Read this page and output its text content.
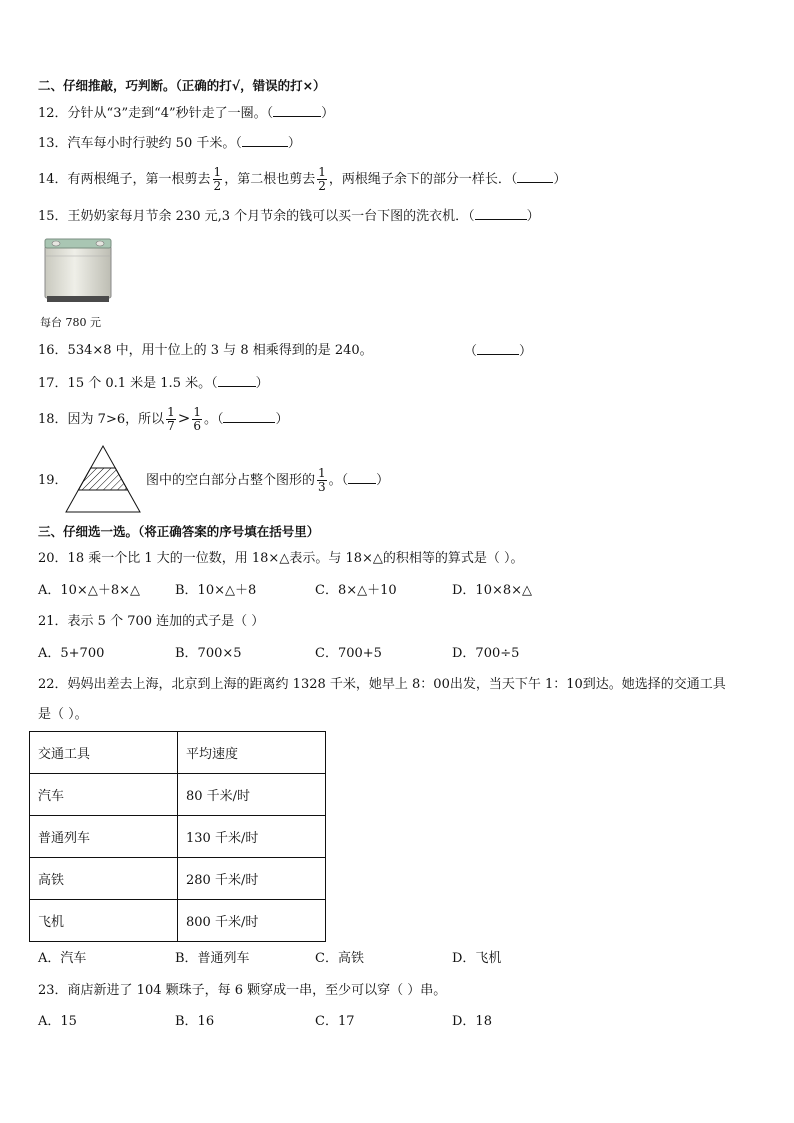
二、仔细推敲，巧判断。（正确的打√，错误的打×）
12．分针从“3”走到“4”秒针走了一圈。（	）
13．汽车每小时行驶约 50 千米。（	）
14．有两根绳子，第一根剪去 $\frac{1}{2}$ ，第二根也剪去 $\frac{1}{2}$ ，两根绳子余下的部分一样长．（	）
15．王奶奶家每月节余 230 元,3 个月节余的钱可以买一台下图的洗衣机．（	）
每台 780 元
16．534×8 中，用十位上的 3 与 8 相乘得到的是 240。	（	）
17．15 个 0.1 米是 1.5 米。（	）
18．因为 7>6，所以 $\frac{1}{7} > \frac{1}{6}$ 。（	）
19．	图中的空白部分占整个图形的 $\frac{1}{3}$ 。（ ）
三、仔细选一选。（将正确答案的序号填在括号里）
20．18 乘一个比 1 大的一位数，用 18×△表示。与 18×△的积相等的算式是（ ）。
A．10×△＋8×△	B．10×△＋8	C．8×△＋10	D．10×8×△
21．表示 5 个 700 连加的式子是（ ）
A．5+700	B．700×5	C．700+5	D．700÷5
22．妈妈出差去上海，北京到上海的距离约 1328 千米，她早上 8：00出发，当天下午 1：10到达。她选择的交通工具
是（ ）。
交通工具	平均速度
汽车	80 千米/时
普通列车	130 千米/时
高铁	280 千米/时
飞机	800 千米/时
A．汽车	B．普通列车	C．高铁	D．飞机
23．商店新进了 104 颗珠子，每 6 颗穿成一串，至少可以穿（ ）串。
A．15	B．16	C．17	D．18
